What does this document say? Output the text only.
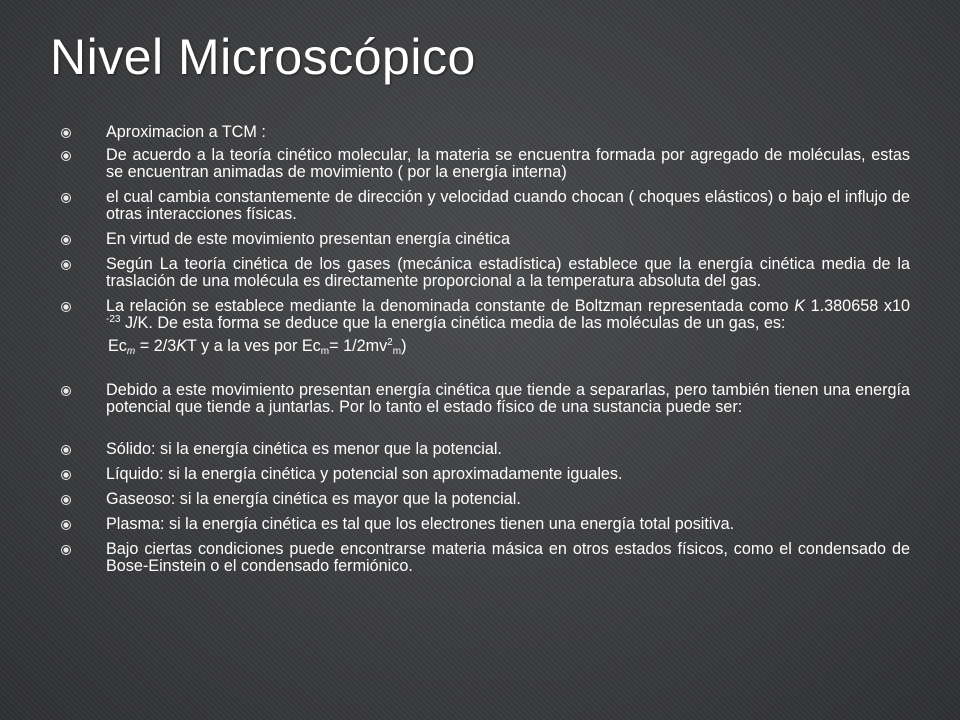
Nivel Microscópico
Aproximacion a TCM :
De acuerdo a la teoría cinético molecular, la materia se encuentra formada por agregado de moléculas, estas se encuentran animadas de movimiento ( por la energía interna)
el cual cambia constantemente de dirección y velocidad cuando chocan ( choques elásticos) o bajo el influjo de otras interacciones físicas.
En virtud de este movimiento presentan energía cinética
Según La teoría cinética de los gases (mecánica estadística) establece que la energía cinética media de la traslación de una molécula es directamente proporcional a la temperatura absoluta del gas.
La relación se establece mediante la denominada constante de Boltzman representada como K 1.380658 x10 $^{-23}$ J/K. De esta forma se deduce que la energía cinética media de las moléculas de un gas, es:
$Ec_m = 2/3KT$ y a la ves por $Ec_m= 1/2mv^2_m$)
Debido a este movimiento presentan energía cinética que tiende a separarlas, pero también tienen una energía potencial que tiende a juntarlas. Por lo tanto el estado físico de una sustancia puede ser:
Sólido: si la energía cinética es menor que la potencial.
Líquido: si la energía cinética y potencial son aproximadamente iguales.
Gaseoso: si la energía cinética es mayor que la potencial.
Plasma: si la energía cinética es tal que los electrones tienen una energía total positiva.
Bajo ciertas condiciones puede encontrarse materia másica en otros estados físicos, como el condensado de Bose-Einstein o el condensado fermiónico.
